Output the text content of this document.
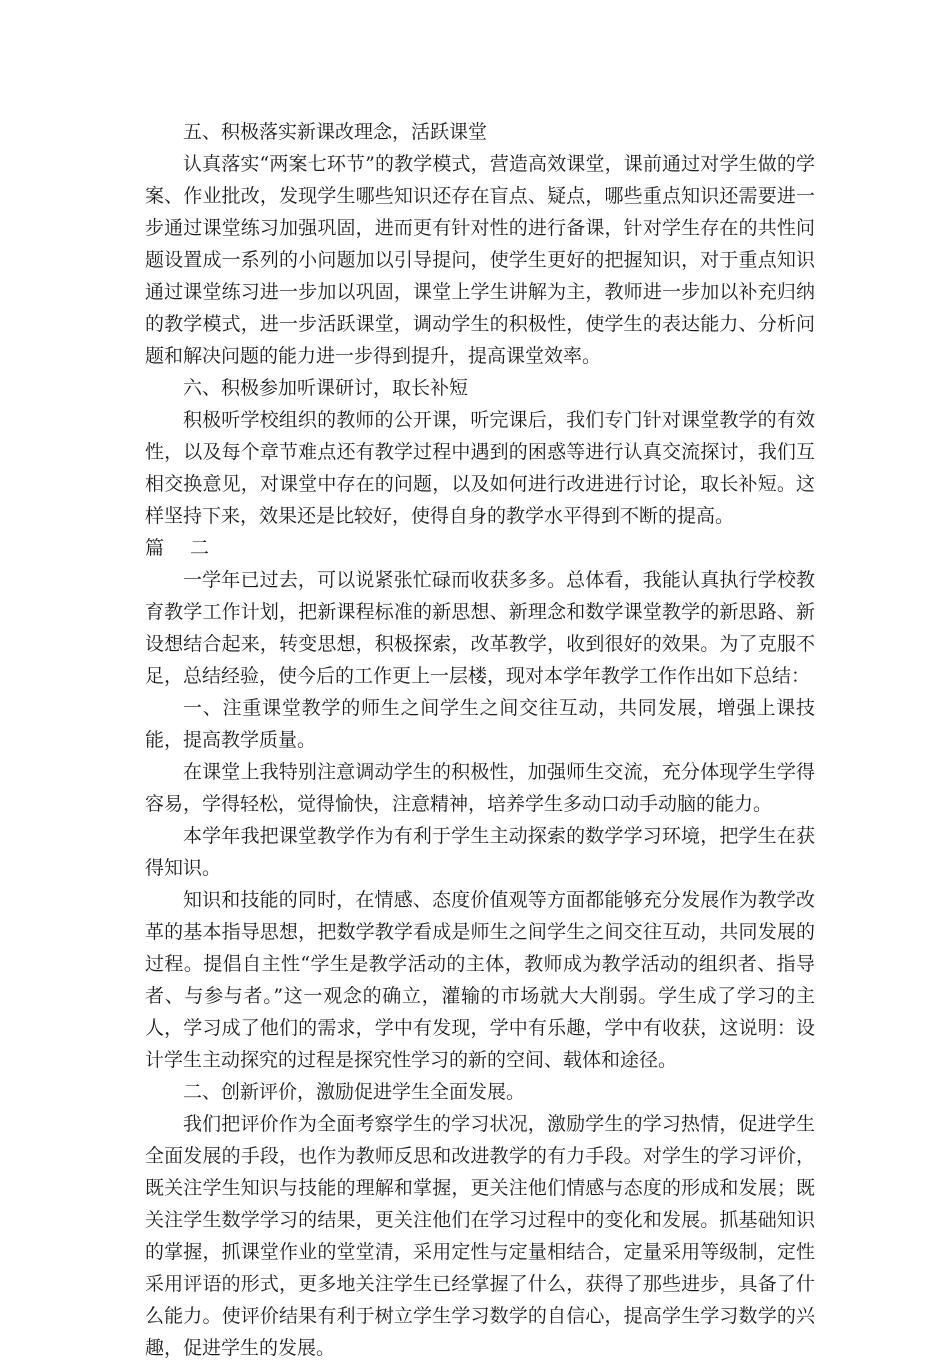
五、积极落实新课改理念，活跃课堂

认真落实“两案七环节”的教学模式，营造高效课堂，课前通过对学生做的学案、作业批改，发现学生哪些知识还存在盲点、疑点，哪些重点知识还需要进一步通过课堂练习加强巩固，进而更有针对性的进行备课，针对学生存在的共性问题设置成一系列的小问题加以引导提问，使学生更好的把握知识，对于重点知识通过课堂练习进一步加以巩固，课堂上学生讲解为主，教师进一步加以补充归纳的教学模式，进一步活跃课堂，调动学生的积极性，使学生的表达能力、分析问题和解决问题的能力进一步得到提升，提高课堂效率。

六、积极参加听课研讨，取长补短

积极听学校组织的教师的公开课，听完课后，我们专门针对课堂教学的有效性，以及每个章节难点还有教学过程中遇到的困惑等进行认真交流探讨，我们互相交换意见，对课堂中存在的问题，以及如何进行改进进行讨论，取长补短。这样坚持下来，效果还是比较好，使得自身的教学水平得到不断的提高。

篇 二

一学年已过去，可以说紧张忙碌而收获多多。总体看，我能认真执行学校教育教学工作计划，把新课程标准的新思想、新理念和数学课堂教学的新思路、新设想结合起来，转变思想，积极探索，改革教学，收到很好的效果。为了克服不足，总结经验，使今后的工作更上一层楼，现对本学年教学工作作出如下总结：

一、注重课堂教学的师生之间学生之间交往互动，共同发展，增强上课技能，提高教学质量。

在课堂上我特别注意调动学生的积极性，加强师生交流，充分体现学生学得容易，学得轻松，觉得愉快，注意精神，培养学生多动口动手动脑的能力。

本学年我把课堂教学作为有利于学生主动探索的数学学习环境，把学生在获得知识。

知识和技能的同时，在情感、态度价值观等方面都能够充分发展作为教学改革的基本指导思想，把数学教学看成是师生之间学生之间交往互动，共同发展的过程。提倡自主性“学生是教学活动的主体，教师成为教学活动的组织者、指导者、与参与者。”这一观念的确立，灌输的市场就大大削弱。学生成了学习的主人，学习成了他们的需求，学中有发现，学中有乐趣，学中有收获，这说明：设计学生主动探究的过程是探究性学习的新的空间、载体和途径。

二、创新评价，激励促进学生全面发展。

我们把评价作为全面考察学生的学习状况，激励学生的学习热情，促进学生全面发展的手段，也作为教师反思和改进教学的有力手段。对学生的学习评价，既关注学生知识与技能的理解和掌握，更关注他们情感与态度的形成和发展；既关注学生数学学习的结果，更关注他们在学习过程中的变化和发展。抓基础知识的掌握，抓课堂作业的堂堂清，采用定性与定量相结合，定量采用等级制，定性采用评语的形式，更多地关注学生已经掌握了什么，获得了那些进步，具备了什么能力。使评价结果有利于树立学生学习数学的自信心，提高学生学习数学的兴趣，促进学生的发展。
